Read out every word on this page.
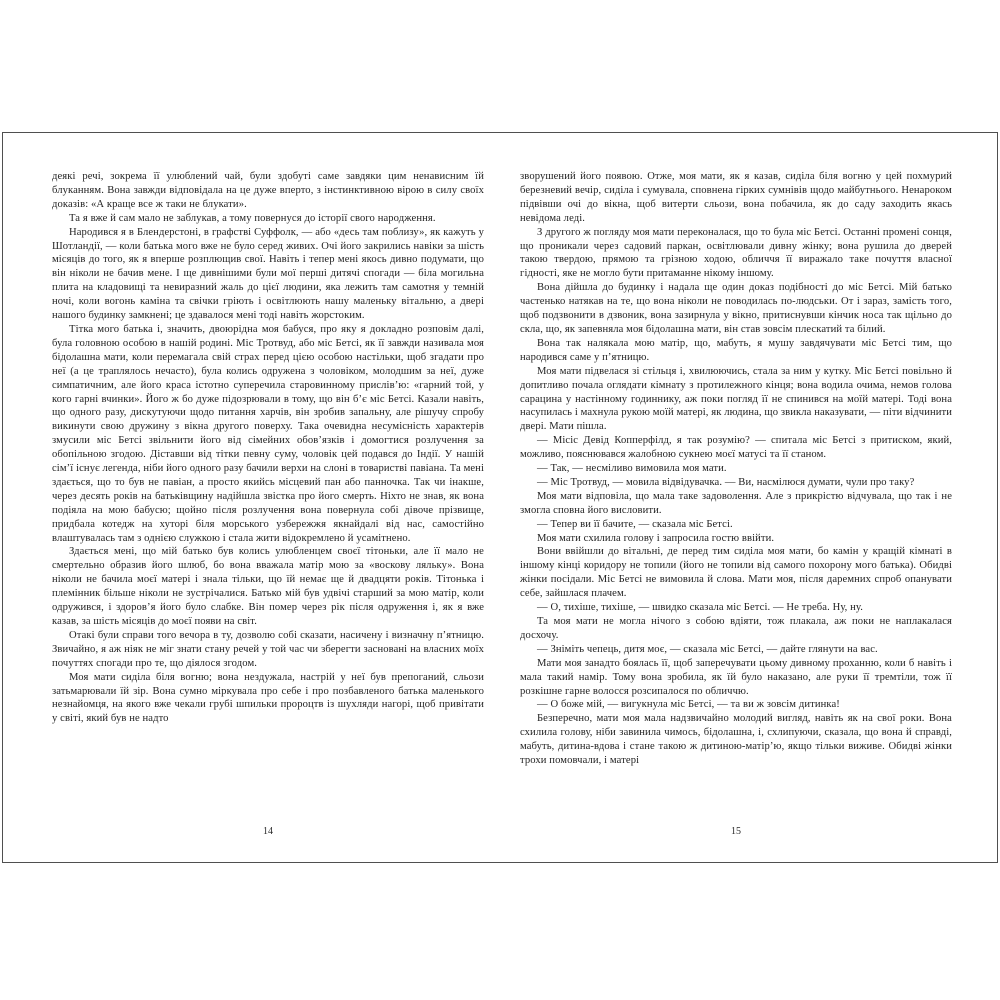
деякі речі, зокрема її улюблений чай, були здобуті саме завдяки цим ненависним їй блуканням. Вона завжди відповідала на це дуже вперто, з інстинктивною вірою в силу своїх доказів: «А краще все ж таки не блукати».

Та я вже й сам мало не заблукав, а тому повернуся до історії свого народження.

Народився я в Блендерстоні, в графстві Суффолк, — або «десь там поблизу», як кажуть у Шотландії, — коли батька мого вже не було серед живих. Очі його закрились навіки за шість місяців до того, як я вперше розплющив свої. Навіть і тепер мені якось дивно подумати, що він ніколи не бачив мене. І ще дивнішими були мої перші дитячі спогади — біла могильна плита на кладовищі та невиразний жаль до цієї людини, яка лежить там самотня у темній ночі, коли вогонь каміна та свічки гріють і освітлюють нашу маленьку вітальню, а двері нашого будинку замкнені; це здавалося мені тоді навіть жорстоким.

Тітка мого батька і, значить, двоюрідна моя бабуся, про яку я докладно розповім далі, була головною особою в нашій родині. Міс Тротвуд, або міс Бетсі, як її завжди називала моя бідолашна мати, коли перемагала свій страх перед цією особою настільки, щоб згадати про неї (а це траплялось нечасто), була колись одружена з чоловіком, молодшим за неї, дуже симпатичним, але його краса істотно суперечила старовинному прислів’ю: «гарний той, у кого гарні вчинки». Його ж бо дуже підозрювали в тому, що він б’є міс Бетсі. Казали навіть, що одного разу, дискутуючи щодо питання харчів, він зробив запальну, але рішучу спробу викинути свою дружину з вікна другого поверху. Така очевидна несумісність характерів змусили міс Бетсі звільнити його від сімейних обов’язків і домогтися розлучення за обопільною згодою. Діставши від тітки певну суму, чоловік цей подався до Індії. У нашій сім’ї існує легенда, ніби його одного разу бачили верхи на слоні в товаристві павіана. Та мені здається, що то був не павіан, а просто якийсь місцевий пан або панночка. Так чи інакше, через десять років на батьківщину надійшла звістка про його смерть. Ніхто не знав, як вона подіяла на мою бабусю; щойно після розлучення вона повернула собі дівоче прізвище, придбала котедж на хуторі біля морського узбережжя якнайдалі від нас, самостійно влаштувалась там з однією служкою і стала жити відокремлено й усамітнено.

Здається мені, що мій батько був колись улюбленцем своєї тітоньки, але її мало не смертельно образив його шлюб, бо вона вважала матір мою за «воскову ляльку». Вона ніколи не бачила моєї матері і знала тільки, що їй немає ще й двадцяти років. Тітонька і племінник більше ніколи не зустрічалися. Батько мій був удвічі старший за мою матір, коли одружився, і здоров’я його було слабке. Він помер через рік після одруження і, як я вже казав, за шість місяців до моєї появи на світ.

Отакі були справи того вечора в ту, дозволю собі сказати, насичену і визначну п’ятницю. Звичайно, я аж ніяк не міг знати стану речей у той час чи зберегти засновані на власних моїх почуттях спогади про те, що діялося згодом.

Моя мати сиділа біля вогню; вона нездужала, настрій у неї був препоганий, сльози затьмарювали їй зір. Вона сумно міркувала про себе і про позбавленого батька маленького незнайомця, на якого вже чекали грубі шпильки пророцтв із шухляди нагорі, щоб привітати у світі, який був не надто

14

зворушений його появою. Отже, моя мати, як я казав, сиділа біля вогню у цей похмурий березневий вечір, сиділа і сумувала, сповнена гірких сумнівів щодо майбутнього. Ненароком підвівши очі до вікна, щоб витерти сльози, вона побачила, як до саду заходить якась невідома леді.

З другого ж погляду моя мати переконалася, що то була міс Бетсі. Останні промені сонця, що проникали через садовий паркан, освітлювали дивну жінку; вона рушила до дверей такою твердою, прямою та грізною ходою, обличчя її виражало таке почуття власної гідності, яке не могло бути притаманне нікому іншому.

Вона дійшла до будинку і надала ще один доказ подібності до міс Бетсі. Мій батько частенько натякав на те, що вона ніколи не поводилась по-людськи. От і зараз, замість того, щоб подзвонити в дзвоник, вона зазирнула у вікно, притиснувши кінчик носа так щільно до скла, що, як запевняла моя бідолашна мати, він став зовсім плескатий та білий.

Вона так налякала мою матір, що, мабуть, я мушу завдячувати міс Бетсі тим, що народився саме у п’ятницю.

Моя мати підвелася зі стільця і, хвилюючись, стала за ним у кутку. Міс Бетсі повільно й допитливо почала оглядати кімнату з протилежного кінця; вона водила очима, немов голова сарацина у настінному годиннику, аж поки погляд її не спинився на моїй матері. Тоді вона насупилась і махнула рукою моїй матері, як людина, що звикла наказувати, — піти відчинити двері. Мати пішла.

— Місіс Девід Копперфілд, я так розумію? — спитала міс Бетсі з притиском, який, можливо, пояснювався жалобною сукнею моєї матусі та її станом.

— Так, — несміливо вимовила моя мати.

— Міс Тротвуд, — мовила відвідувачка. — Ви, насмілюся думати, чули про таку?

Моя мати відповіла, що мала таке задоволення. Але з прикрістю відчувала, що так і не змогла сповна його висловити.

— Тепер ви її бачите, — сказала міс Бетсі.

Моя мати схилила голову і запросила гостю ввійти.

Вони ввійшли до вітальні, де перед тим сиділа моя мати, бо камін у кращій кімнаті в іншому кінці коридору не топили (його не топили від самого похорону мого батька). Обидві жінки посідали. Міс Бетсі не вимовила й слова. Мати моя, після даремних спроб опанувати себе, зайшлася плачем.

— О, тихіше, тихіше, — швидко сказала міс Бетсі. — Не треба. Ну, ну.

Та моя мати не могла нічого з собою вдіяти, тож плакала, аж поки не наплакалася досхочу.

— Зніміть чепець, дитя моє, — сказала міс Бетсі, — дайте глянути на вас.

Мати моя занадто боялась її, щоб заперечувати цьому дивному проханню, коли б навіть і мала такий намір. Тому вона зробила, як їй було наказано, але руки її тремтіли, тож її розкішне гарне волосся розсипалося по обличчю.

— О боже мій, — вигукнула міс Бетсі, — та ви ж зовсім дитинка!

Безперечно, мати моя мала надзвичайно молодий вигляд, навіть як на свої роки. Вона схилила голову, ніби завинила чимось, бідолашна, і, схлипуючи, сказала, що вона й справді, мабуть, дитина-вдова і стане такою ж дитиною-матір’ю, якщо тільки виживе. Обидві жінки трохи помовчали, і матері

15
